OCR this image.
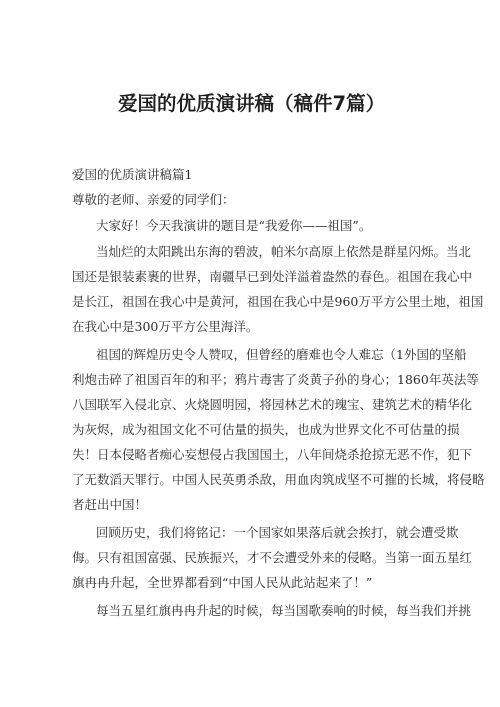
爱国的优质演讲稿（稿件7篇）
爱国的优质演讲稿篇1
尊敬的老师、亲爱的同学们：
大家好！今天我演讲的题目是“我爱你——祖国”。
当灿烂的太阳跳出东海的碧波，帕米尔高原上依然是群星闪烁。当北
国还是银装素裹的世界，南疆早已到处洋溢着盎然的春色。祖国在我心中
是长江，祖国在我心中是黄河，祖国在我心中是960万平方公里土地，祖国
在我心中是300万平方公里海洋。
祖国的辉煌历史令人赞叹，但曾经的磨难也令人难忘（1外国的坚船
利炮击碎了祖国百年的和平；鸦片毒害了炎黄子孙的身心；1860年英法等
八国联军入侵北京、火烧圆明园，将园林艺术的瑰宝、建筑艺术的精华化
为灰烬，成为祖国文化不可估量的损失，也成为世界文化不可估量的损
失！日本侵略者痴心妄想侵占我国国土，八年间烧杀抢掠无恶不作，犯下
了无数滔天罪行。中国人民英勇杀敌，用血肉筑成坚不可摧的长城，将侵略
者赶出中国！
回顾历史，我们将铭记：一个国家如果落后就会挨打，就会遭受欺
侮。只有祖国富强、民族振兴，才不会遭受外来的侵略。当第一面五星红
旗冉冉升起，全世界都看到“中国人民从此站起来了！”
每当五星红旗冉冉升起的时候，每当国歌奏响的时候，每当我们并挑
